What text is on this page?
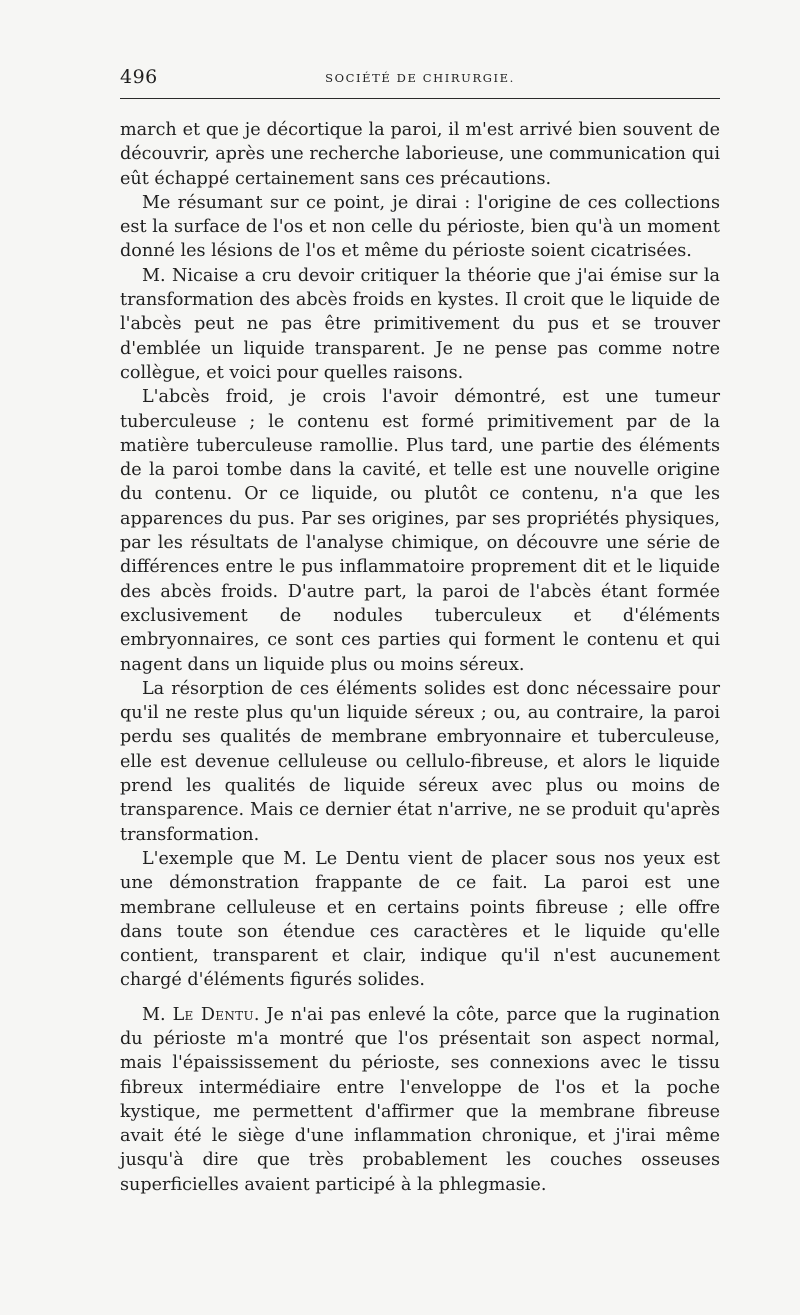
496	SOCIÉTÉ DE CHIRURGIE.

march et que je décortique la paroi, il m'est arrivé bien souvent de découvrir, après une recherche laborieuse, une communication qui eût échappé certainement sans ces précautions.

Me résumant sur ce point, je dirai : l'origine de ces collections est la surface de l'os et non celle du périoste, bien qu'à un moment donné les lésions de l'os et même du périoste soient cicatrisées.

M. Nicaise a cru devoir critiquer la théorie que j'ai émise sur la transformation des abcès froids en kystes. Il croit que le liquide de l'abcès peut ne pas être primitivement du pus et se trouver d'emblée un liquide transparent. Je ne pense pas comme notre collègue, et voici pour quelles raisons.

L'abcès froid, je crois l'avoir démontré, est une tumeur tuberculeuse ; le contenu est formé primitivement par de la matière tuberculeuse ramollie. Plus tard, une partie des éléments de la paroi tombe dans la cavité, et telle est une nouvelle origine du contenu. Or ce liquide, ou plutôt ce contenu, n'a que les apparences du pus. Par ses origines, par ses propriétés physiques, par les résultats de l'analyse chimique, on découvre une série de différences entre le pus inflammatoire proprement dit et le liquide des abcès froids. D'autre part, la paroi de l'abcès étant formée exclusivement de nodules tuberculeux et d'éléments embryonnaires, ce sont ces parties qui forment le contenu et qui nagent dans un liquide plus ou moins séreux.

La résorption de ces éléments solides est donc nécessaire pour qu'il ne reste plus qu'un liquide séreux ; ou, au contraire, la paroi perdu ses qualités de membrane embryonnaire et tuberculeuse, elle est devenue celluleuse ou cellulo-fibreuse, et alors le liquide prend les qualités de liquide séreux avec plus ou moins de transparence. Mais ce dernier état n'arrive, ne se produit qu'après transformation.

L'exemple que M. Le Dentu vient de placer sous nos yeux est une démonstration frappante de ce fait. La paroi est une membrane celluleuse et en certains points fibreuse ; elle offre dans toute son étendue ces caractères et le liquide qu'elle contient, transparent et clair, indique qu'il n'est aucunement chargé d'éléments figurés solides.

M. Le Dentu. Je n'ai pas enlevé la côte, parce que la rugination du périoste m'a montré que l'os présentait son aspect normal, mais l'épaississement du périoste, ses connexions avec le tissu fibreux intermédiaire entre l'enveloppe de l'os et la poche kystique, me permettent d'affirmer que la membrane fibreuse avait été le siège d'une inflammation chronique, et j'irai même jusqu'à dire que très probablement les couches osseuses superficielles avaient participé à la phlegmasie.
